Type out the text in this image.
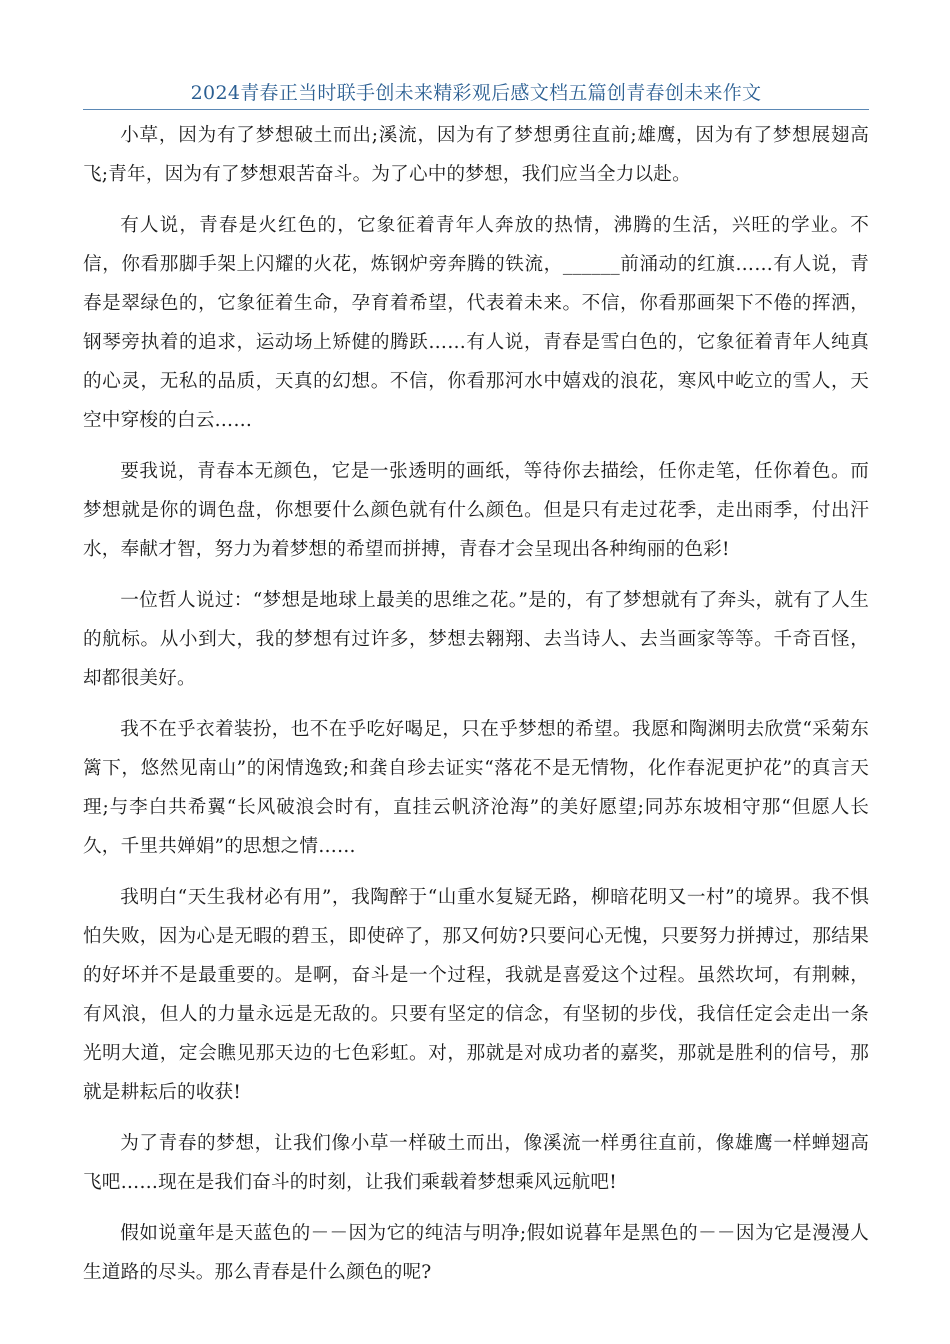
2024青春正当时联手创未来精彩观后感文档五篇创青春创未来作文

小草，因为有了梦想破土而出;溪流，因为有了梦想勇往直前;雄鹰，因为有了梦想展翅高飞;青年，因为有了梦想艰苦奋斗。为了心中的梦想，我们应当全力以赴。

有人说，青春是火红色的，它象征着青年人奔放的热情，沸腾的生活，兴旺的学业。不信，你看那脚手架上闪耀的火花，炼钢炉旁奔腾的铁流，______前涌动的红旗……有人说，青春是翠绿色的，它象征着生命，孕育着希望，代表着未来。不信，你看那画架下不倦的挥洒，钢琴旁执着的追求，运动场上矫健的腾跃……有人说，青春是雪白色的，它象征着青年人纯真的心灵，无私的品质，天真的幻想。不信，你看那河水中嬉戏的浪花，寒风中屹立的雪人，天空中穿梭的白云……

要我说，青春本无颜色，它是一张透明的画纸，等待你去描绘，任你走笔，任你着色。而梦想就是你的调色盘，你想要什么颜色就有什么颜色。但是只有走过花季，走出雨季，付出汗水，奉献才智，努力为着梦想的希望而拼搏，青春才会呈现出各种绚丽的色彩!

一位哲人说过：“梦想是地球上最美的思维之花。”是的，有了梦想就有了奔头，就有了人生的航标。从小到大，我的梦想有过许多，梦想去翱翔、去当诗人、去当画家等等。千奇百怪，却都很美好。

我不在乎衣着装扮，也不在乎吃好喝足，只在乎梦想的希望。我愿和陶渊明去欣赏“采菊东篱下，悠然见南山”的闲情逸致;和龚自珍去证实“落花不是无情物，化作春泥更护花”的真言天理;与李白共希翼“长风破浪会时有，直挂云帆济沧海”的美好愿望;同苏东坡相守那“但愿人长久，千里共婵娟”的思想之情……

我明白“天生我材必有用”，我陶醉于“山重水复疑无路，柳暗花明又一村”的境界。我不惧怕失败，因为心是无暇的碧玉，即使碎了，那又何妨?只要问心无愧，只要努力拼搏过，那结果的好坏并不是最重要的。是啊，奋斗是一个过程，我就是喜爱这个过程。虽然坎坷，有荆棘，有风浪，但人的力量永远是无敌的。只要有坚定的信念，有坚韧的步伐，我信任定会走出一条光明大道，定会瞧见那天边的七色彩虹。对，那就是对成功者的嘉奖，那就是胜利的信号，那就是耕耘后的收获!

为了青春的梦想，让我们像小草一样破土而出，像溪流一样勇往直前，像雄鹰一样蝉翅高飞吧……现在是我们奋斗的时刻，让我们乘载着梦想乘风远航吧!

假如说童年是天蓝色的－－因为它的纯洁与明净;假如说暮年是黑色的－－因为它是漫漫人生道路的尽头。那么青春是什么颜色的呢?
